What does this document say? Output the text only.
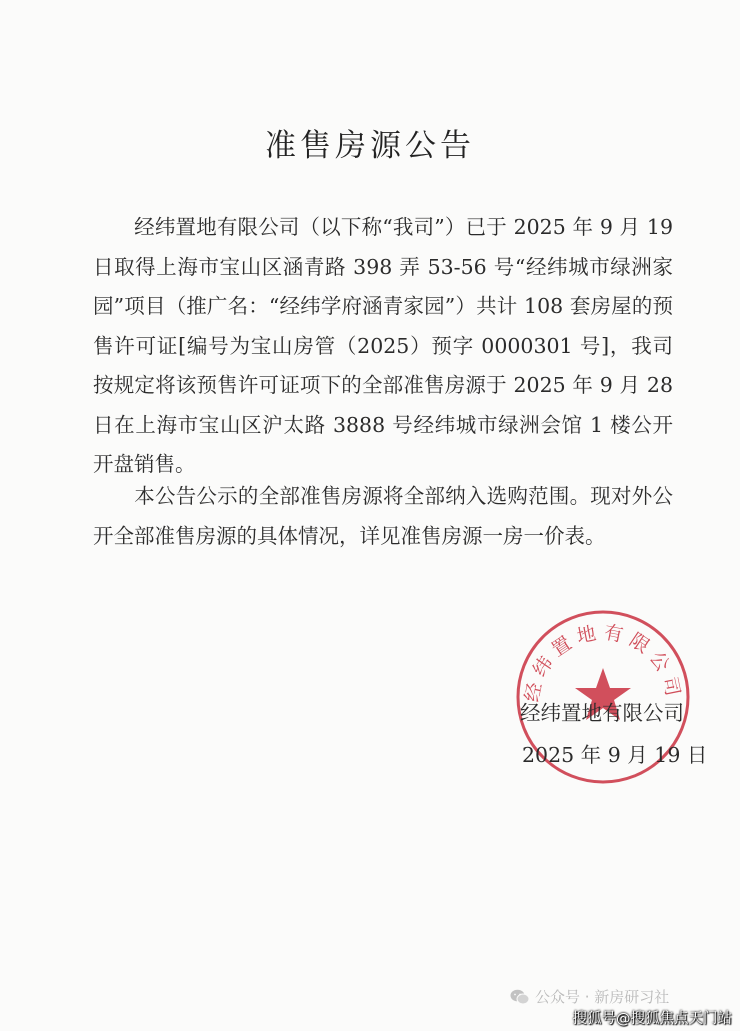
准售房源公告
经纬置地有限公司（以下称“我司”）已于 2025 年 9 月 19 日取得上海市宝山区涵青路 398 弄 53-56 号“经纬城市绿洲家园”项目（推广名：“经纬学府涵青家园”）共计 108 套房屋的预售许可证[编号为宝山房管（2025）预字 0000301 号]，我司按规定将该预售许可证项下的全部准售房源于 2025 年 9 月 28 日在上海市宝山区沪太路 3888 号经纬城市绿洲会馆 1 楼公开开盘销售。
本公告公示的全部准售房源将全部纳入选购范围。现对外公开全部准售房源的具体情况，详见准售房源一房一价表。
经纬置地有限公司
经纬置地有限公司
2025 年 9 月 19 日
公众号 · 新房研习社
搜狐号@搜狐焦点天门站
